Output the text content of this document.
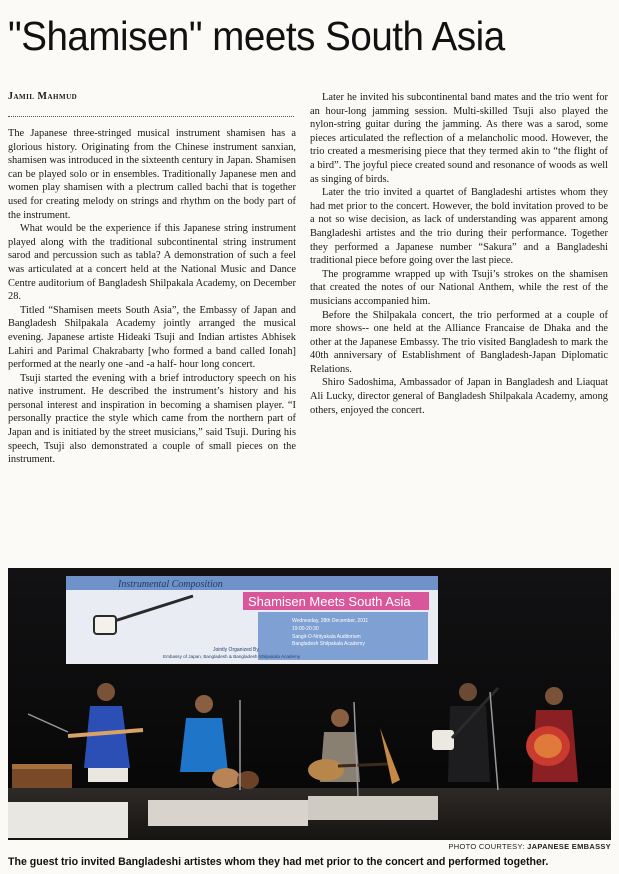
"Shamisen" meets South Asia
Jamil Mahmud

The Japanese three-stringed musical instrument shamisen has a glorious history. Originating from the Chinese instrument sanxian, shamisen was introduced in the sixteenth century in Japan. Shamisen can be played solo or in ensembles. Traditionally Japanese men and women play shamisen with a plectrum called bachi that is together used for creating melody on strings and rhythm on the body part of the instrument.

What would be the experience if this Japanese string instrument played along with the traditional subcontinental string instrument sarod and percussion such as tabla? A demonstration of such a feel was articulated at a concert held at the National Music and Dance Centre auditorium of Bangladesh Shilpakala Academy, on December 28.

Titled “Shamisen meets South Asia”, the Embassy of Japan and Bangladesh Shilpakala Academy jointly arranged the musical evening. Japanese artiste Hideaki Tsuji and Indian artistes Abhisek Lahiri and Parimal Chakrabarty [who formed a band called Ionah] performed at the nearly one -and -a half- hour long concert.

Tsuji started the evening with a brief introductory speech on his native instrument. He described the instrument’s history and his personal interest and inspiration in becoming a shamisen player. “I personally practice the style which came from the northern part of Japan and is initiated by the street musicians,” said Tsuji. During his speech, Tsuji also demonstrated a couple of small pieces on the instrument.

Later he invited his subcontinental band mates and the trio went for an hour-long jamming session. Multi-skilled Tsuji also played the nylon-string guitar during the jamming. As there was a sarod, some pieces articulated the reflection of a melancholic mood. However, the trio created a mesmerising piece that they termed akin to “the flight of a bird”. The joyful piece created sound and resonance of woods as well as singing of birds.

Later the trio invited a quartet of Bangladeshi artistes whom they had met prior to the concert. However, the bold invitation proved to be a not so wise decision, as lack of understanding was apparent among Bangladeshi artistes and the trio during their performance. Together they performed a Japanese number “Sakura” and a Bangladeshi traditional piece before going over the last piece.

The programme wrapped up with Tsuji’s strokes on the shamisen that created the notes of our National Anthem, while the rest of the musicians accompanied him.

Before the Shilpakala concert, the trio performed at a couple of more shows-- one held at the Alliance Francaise de Dhaka and the other at the Japanese Embassy. The trio visited Bangladesh to mark the 40th anniversary of Establishment of Bangladesh-Japan Diplomatic Relations.

Shiro Sadoshima, Ambassador of Japan in Bangladesh and Liaquat Ali Lucky, director general of Bangladesh Shilpakala Academy, among others, enjoyed the concert.

Instrumental Composition
Shamisen Meets South Asia
Wednesday, 28th December, 2011
19:00-20:30
Sangit-O-Nrityakala Auditorium
Bangladesh Shilpakala Academy
Jointly Organized By
Embassy of Japan, Bangladesh & Bangladesh Shilpakala Academy
PHOTO COURTESY: JAPANESE EMBASSY
The guest trio invited Bangladeshi artistes whom they had met prior to the concert and performed together.
